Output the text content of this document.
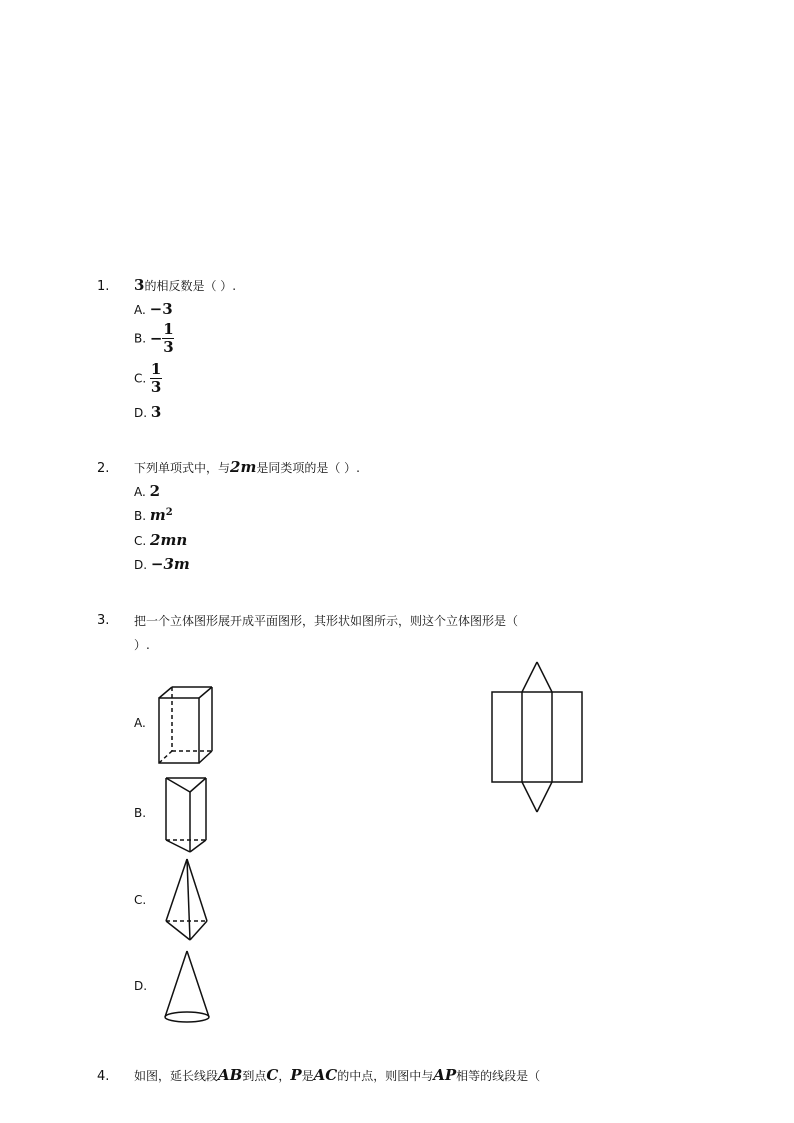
1. 3的相反数是（ ）.
A. −3
B. − $\frac{1}{3}$
C. $\frac{1}{3}$
D. 3
2. 下列单项式中，与2m是同类项的是（ ）.
A. 2
B. $m^2$
C. 2mn
D. −3m
3. 把一个立体图形展开成平面图形，其形状如图所示，则这个立体图形是（
）.
A.
B.
C.
D.
4. 如图，延长线段AB到点C，P是AC的中点，则图中与AP相等的线段是（
